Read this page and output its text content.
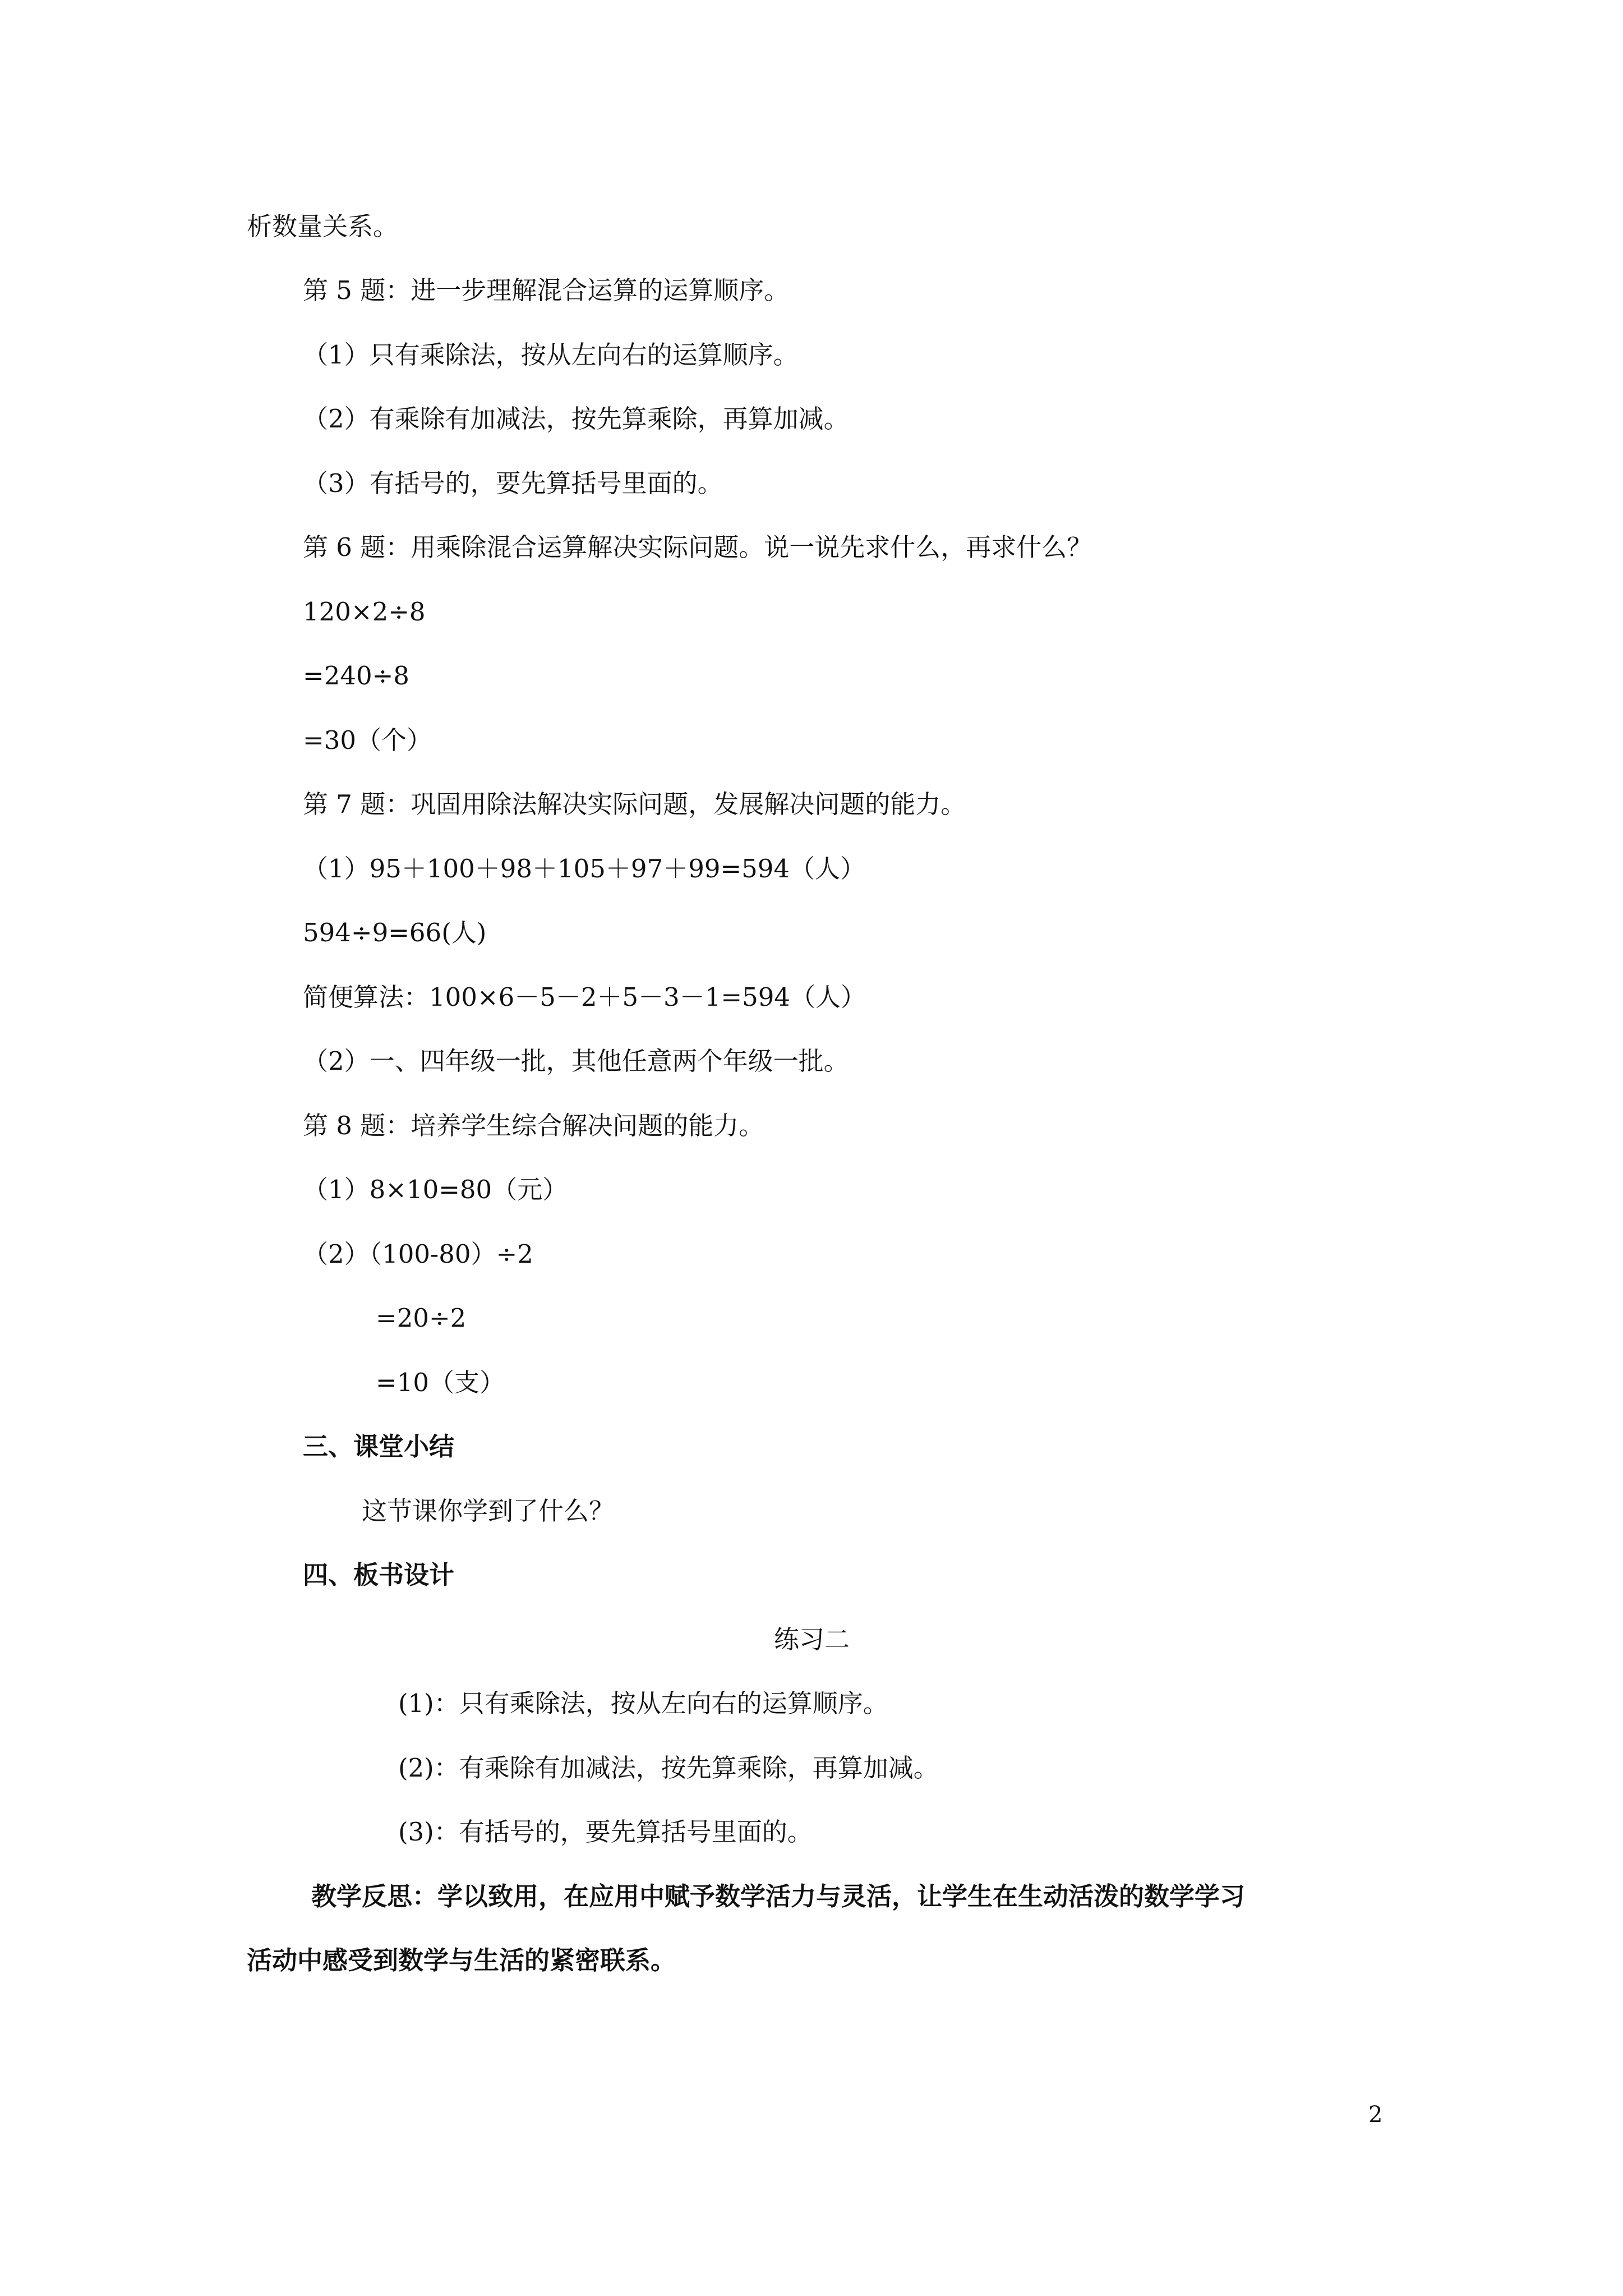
析数量关系。

第 5 题：进一步理解混合运算的运算顺序。

（1）只有乘除法，按从左向右的运算顺序。

（2）有乘除有加减法，按先算乘除，再算加减。

（3）有括号的，要先算括号里面的。

第 6 题：用乘除混合运算解决实际问题。说一说先求什么，再求什么？

120×2÷8

=240÷8

=30（个）

第 7 题：巩固用除法解决实际问题，发展解决问题的能力。

（1）95＋100＋98＋105＋97＋99=594（人）

594÷9=66(人)

简便算法：100×6－5－2＋5－3－1=594（人）

（2）一、四年级一批，其他任意两个年级一批。

第 8 题：培养学生综合解决问题的能力。

（1）8×10=80（元）

（2）（100-80）÷2

=20÷2

=10（支）

三、课堂小结

这节课你学到了什么？

四、板书设计

练习二

(1)：只有乘除法，按从左向右的运算顺序。

(2)：有乘除有加减法，按先算乘除，再算加减。

(3)：有括号的，要先算括号里面的。

教学反思：学以致用，在应用中赋予数学活力与灵活，让学生在生动活泼的数学学习

活动中感受到数学与生活的紧密联系。

2
